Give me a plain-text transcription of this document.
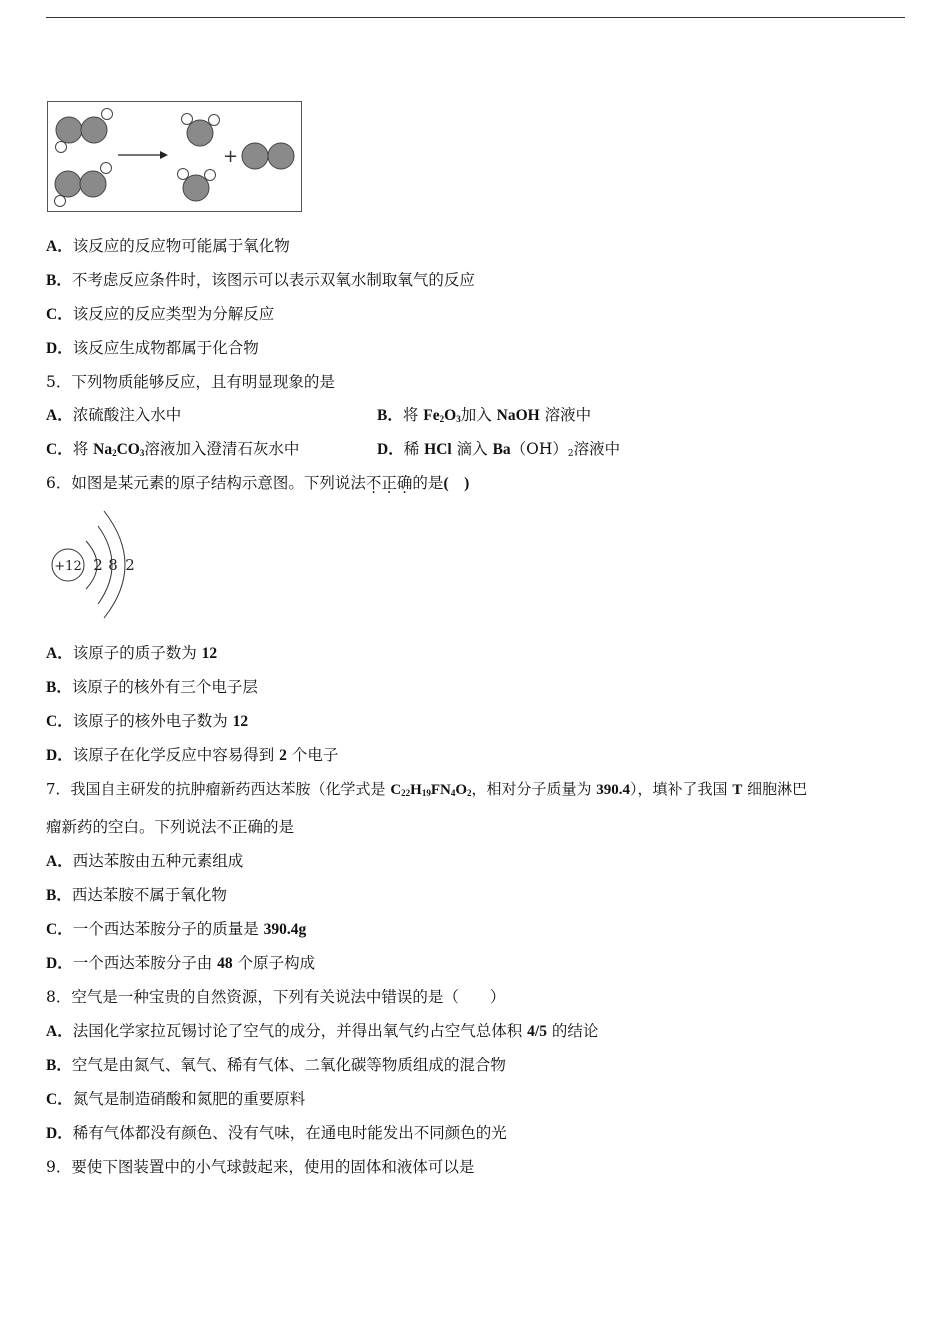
+
A．该反应的反应物可能属于氧化物
B．不考虑反应条件时，该图示可以表示双氧水制取氧气的反应
C．该反应的反应类型为分解反应
D．该反应生成物都属于化合物
5．下列物质能够反应，且有明显现象的是
A．浓硫酸注入水中	B．将 $Fe_2O_3$加入 NaOH 溶液中
C．将 $Na_2CO_3$溶液加入澄清石灰水中	D．稀 HCl 滴入 $Ba(OH)_2$溶液中
6．如图是某元素的原子结构示意图。下列说法不正确的是(　)
+12 2 8 2
A．该原子的质子数为 12
B．该原子的核外有三个电子层
C．该原子的核外电子数为 12
D．该原子在化学反应中容易得到 2 个电子
7．我国自主研发的抗肿瘤新药西达苯胺（化学式是 $C_{22}H_{19}FN_4O_2$，相对分子质量为 390.4），填补了我国 T 细胞淋巴
瘤新药的空白。下列说法不正确的是
A．西达苯胺由五种元素组成
B．西达苯胺不属于氧化物
C．一个西达苯胺分子的质量是 390.4g
D．一个西达苯胺分子由 48 个原子构成
8．空气是一种宝贵的自然资源，下列有关说法中错误的是（　　）
A．法国化学家拉瓦锡讨论了空气的成分，并得出氧气约占空气总体积 4/5 的结论
B．空气是由氮气、氧气、稀有气体、二氧化碳等物质组成的混合物
C．氮气是制造硝酸和氮肥的重要原料
D．稀有气体都没有颜色、没有气味，在通电时能发出不同颜色的光
9．要使下图装置中的小气球鼓起来，使用的固体和液体可以是
